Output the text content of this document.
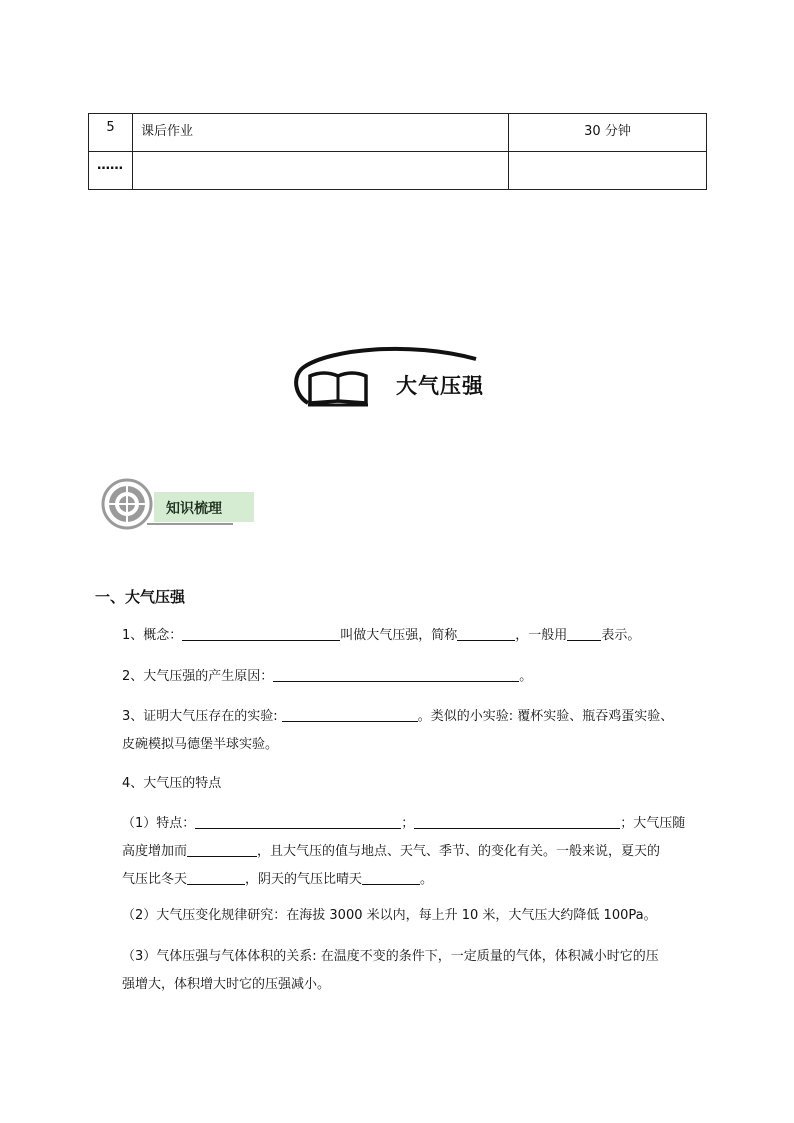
5	课后作业	30 分钟
……		
大气压强
知识梳理
一、大气压强
1、概念：	叫做大气压强，简称	，一般用	表示。
2、大气压强的产生原因：	。
3、证明大气压存在的实验:	。类似的小实验: 覆杯实验、瓶吞鸡蛋实验、
皮碗模拟马德堡半球实验。
4、大气压的特点
（1）特点：	；	；大气压随
高度增加而	，且大气压的值与地点、天气、季节、的变化有关。一般来说，夏天的
气压比冬天	，阴天的气压比晴天	。
（2）大气压变化规律研究：在海拔 3000 米以内，每上升 10 米，大气压大约降低 100Pa。
（3）气体压强与气体体积的关系: 在温度不变的条件下，一定质量的气体，体积减小时它的压
强增大，体积增大时它的压强减小。
